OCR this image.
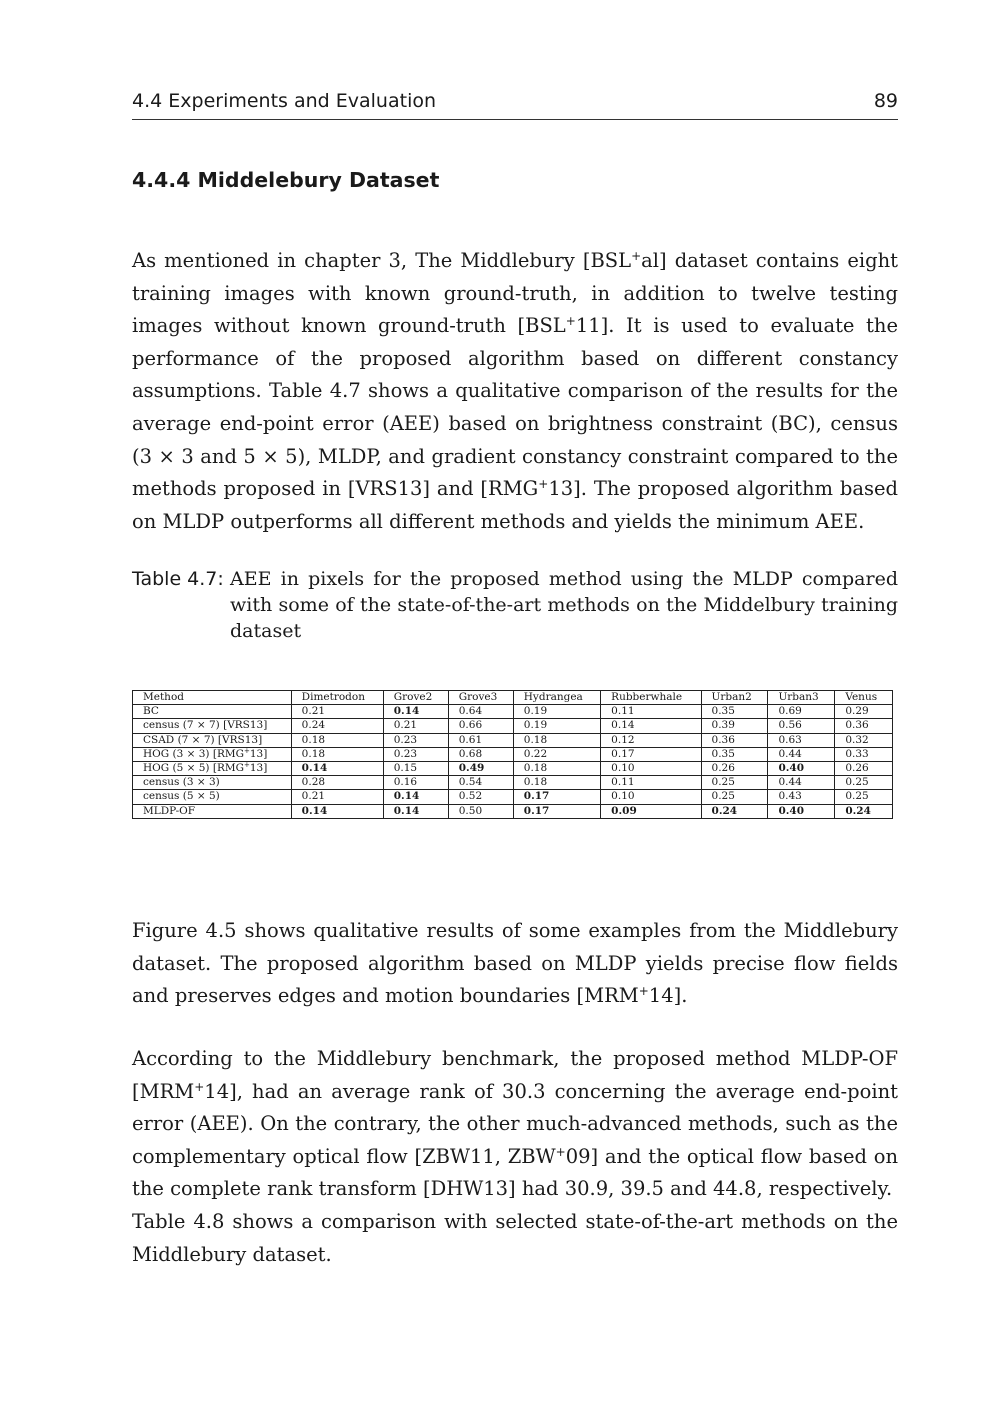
4.4 Experiments and Evaluation	89
4.4.4 Middelebury Dataset

As mentioned in chapter 3, The Middlebury [BSL+al] dataset contains eight training images with known ground-truth, in addition to twelve testing images without known ground-truth [BSL+11]. It is used to evaluate the performance of the proposed algorithm based on different constancy assumptions. Table 4.7 shows a qualitative comparison of the results for the average end-point error (AEE) based on brightness constraint (BC), census (3 × 3 and 5 × 5), MLDP, and gradient constancy constraint compared to the methods proposed in [VRS13] and [RMG+13]. The proposed algorithm based on MLDP outperforms all different methods and yields the minimum AEE.

Table 4.7: AEE in pixels for the proposed method using the MLDP compared with some of the state-of-the-art methods on the Middelbury training dataset

Method	Dimetrodon	Grove2	Grove3	Hydrangea	Rubberwhale	Urban2	Urban3	Venus
BC	0.21	0.14	0.64	0.19	0.11	0.35	0.69	0.29
census (7 × 7) [VRS13]	0.24	0.21	0.66	0.19	0.14	0.39	0.56	0.36
CSAD (7 × 7) [VRS13]	0.18	0.23	0.61	0.18	0.12	0.36	0.63	0.32
HOG (3 × 3) [RMG+13]	0.18	0.23	0.68	0.22	0.17	0.35	0.44	0.33
HOG (5 × 5) [RMG+13]	0.14	0.15	0.49	0.18	0.10	0.26	0.40	0.26
census (3 × 3)	0.28	0.16	0.54	0.18	0.11	0.25	0.44	0.25
census (5 × 5)	0.21	0.14	0.52	0.17	0.10	0.25	0.43	0.25
MLDP-OF	0.14	0.14	0.50	0.17	0.09	0.24	0.40	0.24

Figure 4.5 shows qualitative results of some examples from the Middlebury dataset. The proposed algorithm based on MLDP yields precise flow fields and preserves edges and motion boundaries [MRM+14].

According to the Middlebury benchmark, the proposed method MLDP-OF [MRM+14], had an average rank of 30.3 concerning the average end-point error (AEE). On the contrary, the other much-advanced methods, such as the complementary optical flow [ZBW11, ZBW+09] and the optical flow based on the complete rank transform [DHW13] had 30.9, 39.5 and 44.8, respectively.
Table 4.8 shows a comparison with selected state-of-the-art methods on the Middlebury dataset.
